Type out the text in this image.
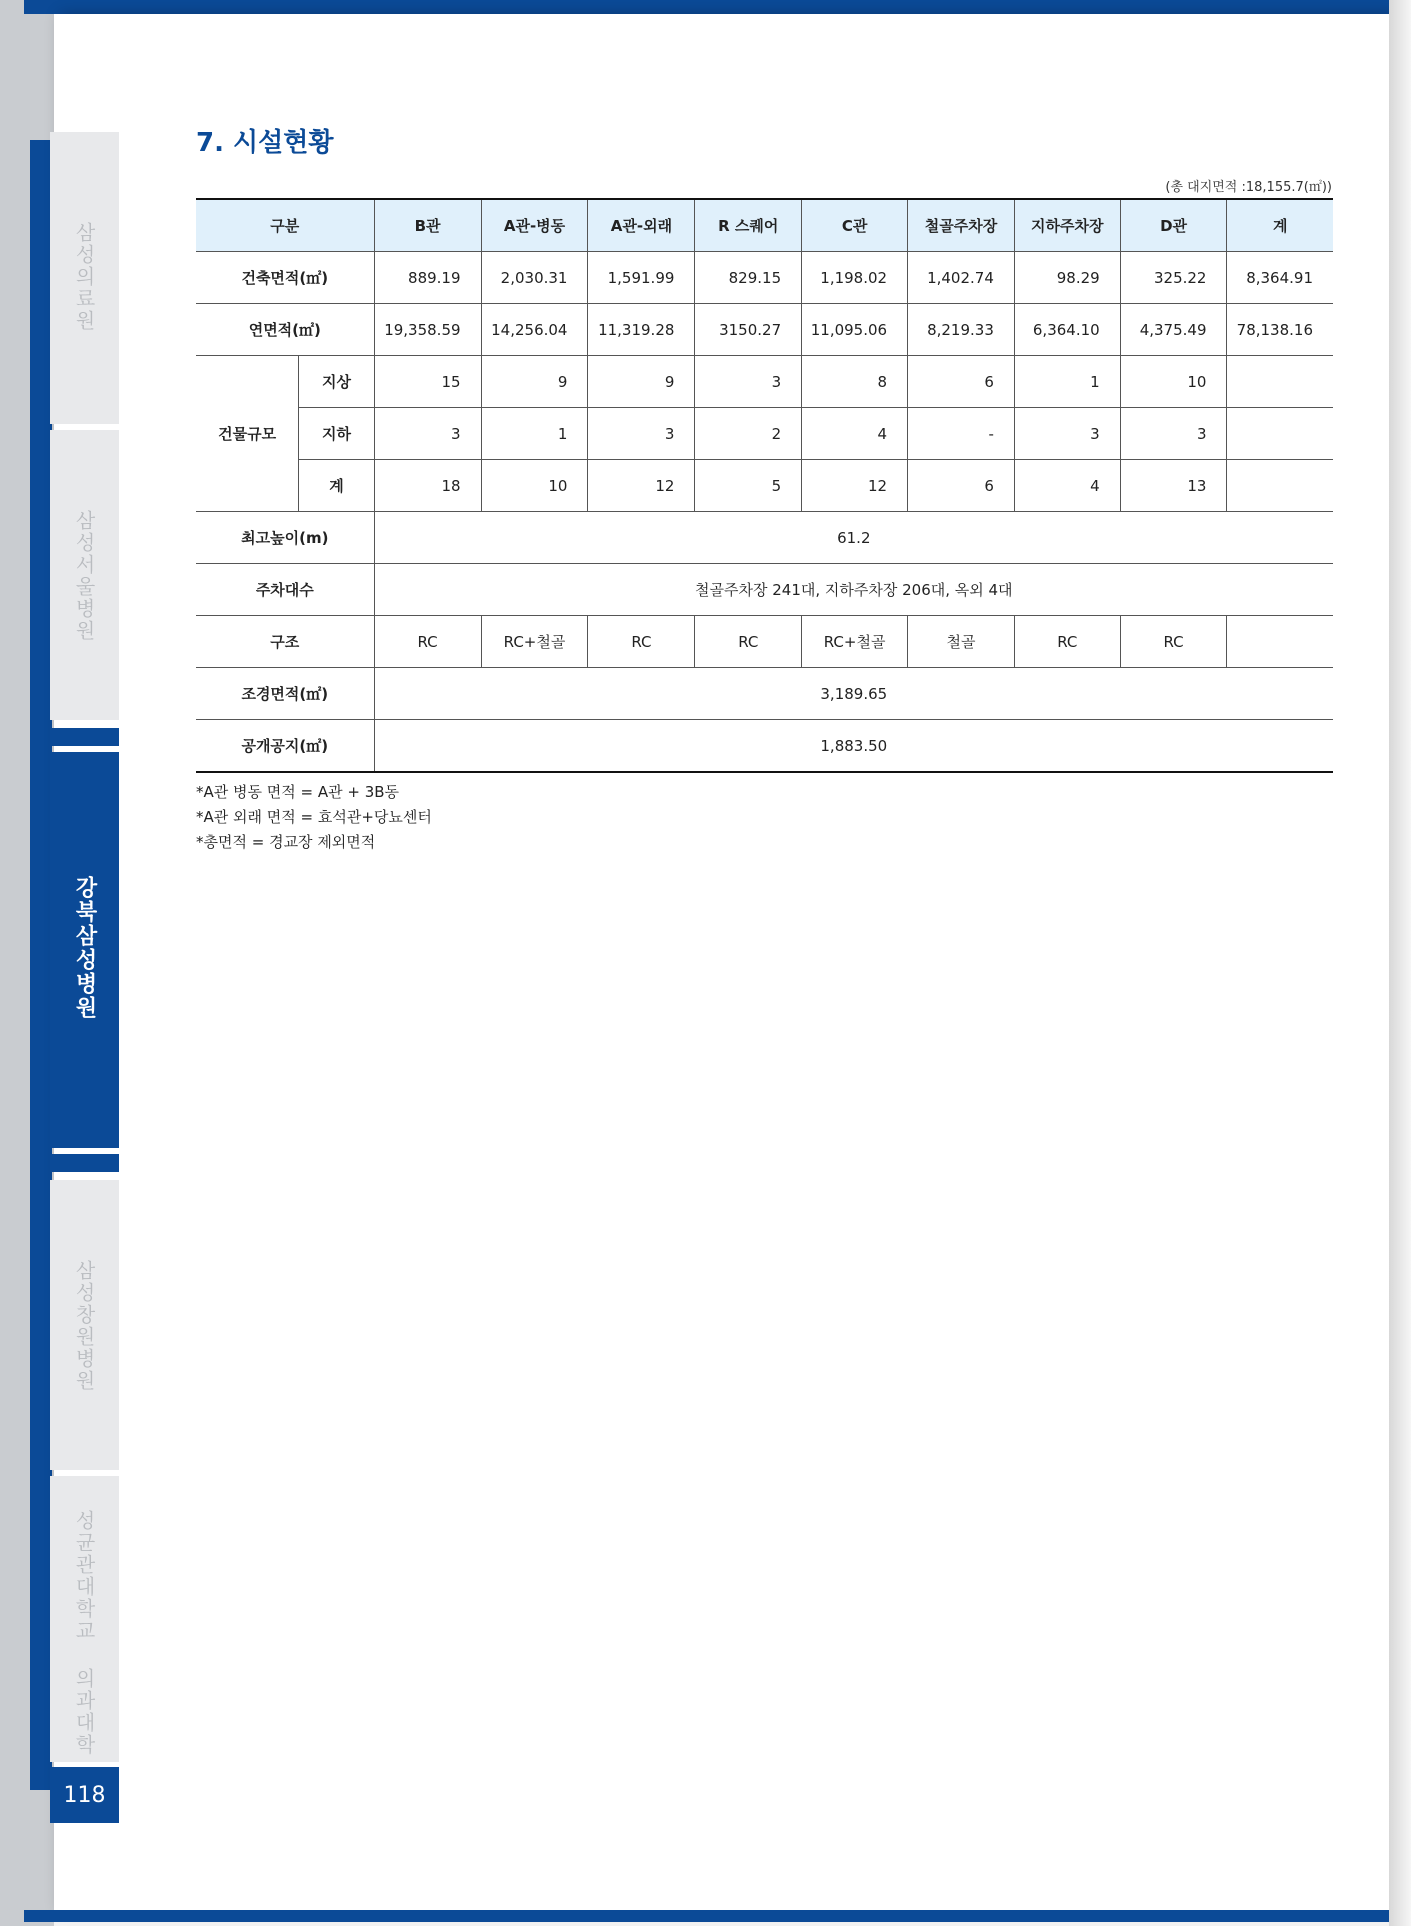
삼성의료원
삼성서울병원
강북삼성병원
삼성창원병원
성균관대학교 의과대학
118
7. 시설현황
(총 대지면적 :18,155.7(㎡))
구분		B관	A관-병동	A관-외래	R 스퀘어	C관	철골주차장	지하주차장	D관	계
건축면적(㎡)		889.19	2,030.31	1,591.99	829.15	1,198.02	1,402.74	98.29	325.22	8,364.91
연면적(㎡)		19,358.59	14,256.04	11,319.28	3150.27	11,095.06	8,219.33	6,364.10	4,375.49	78,138.16
건물규모	지상	15	9	9	3	8	6	1	10	
	지하	3	1	3	2	4	-	3	3	
	계	18	10	12	5	12	6	4	13	
최고높이(m)		61.2								
주차대수		철골주차장 241대, 지하주차장 206대, 옥외 4대								
구조		RC	RC+철골	RC	RC	RC+철골	철골	RC	RC	
조경면적(㎡)		3,189.65								
공개공지(㎡)		1,883.50								
*A관 병동 면적 = A관 + 3B동
*A관 외래 면적 = 효석관+당뇨센터
*총면적 = 경교장 제외면적
